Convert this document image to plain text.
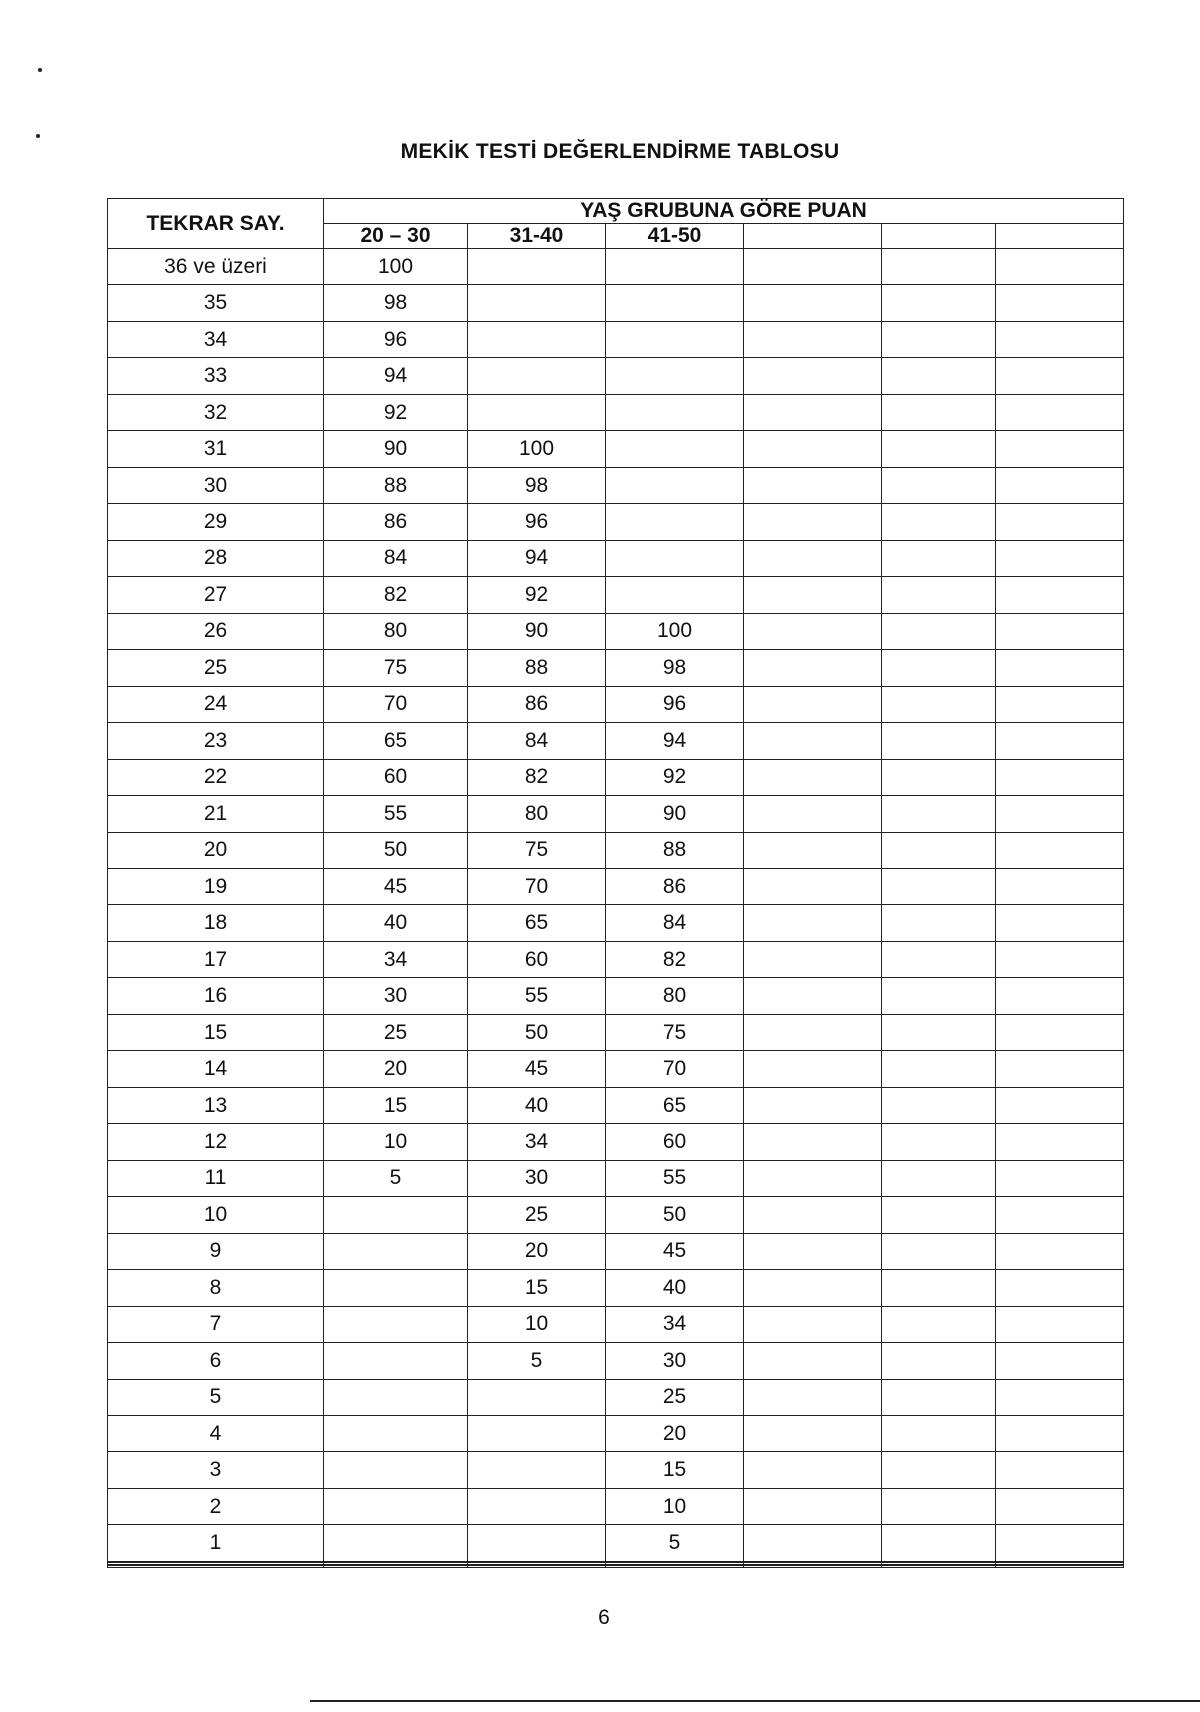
MEKİK TESTİ DEĞERLENDİRME TABLOSU
TEKRAR SAY.	YAŞ GRUBUNA GÖRE PUAN					
	20 – 30	31-40	41-50			
36 ve üzeri	100					
35	98					
34	96					
33	94					
32	92					
31	90	100				
30	88	98				
29	86	96				
28	84	94				
27	82	92				
26	80	90	100			
25	75	88	98			
24	70	86	96			
23	65	84	94			
22	60	82	92			
21	55	80	90			
20	50	75	88			
19	45	70	86			
18	40	65	84			
17	34	60	82			
16	30	55	80			
15	25	50	75			
14	20	45	70			
13	15	40	65			
12	10	34	60			
11	5	30	55			
10		25	50			
9		20	45			
8		15	40			
7		10	34			
6		5	30			
5			25			
4			20			
3			15			
2			10			
1			5			

6
